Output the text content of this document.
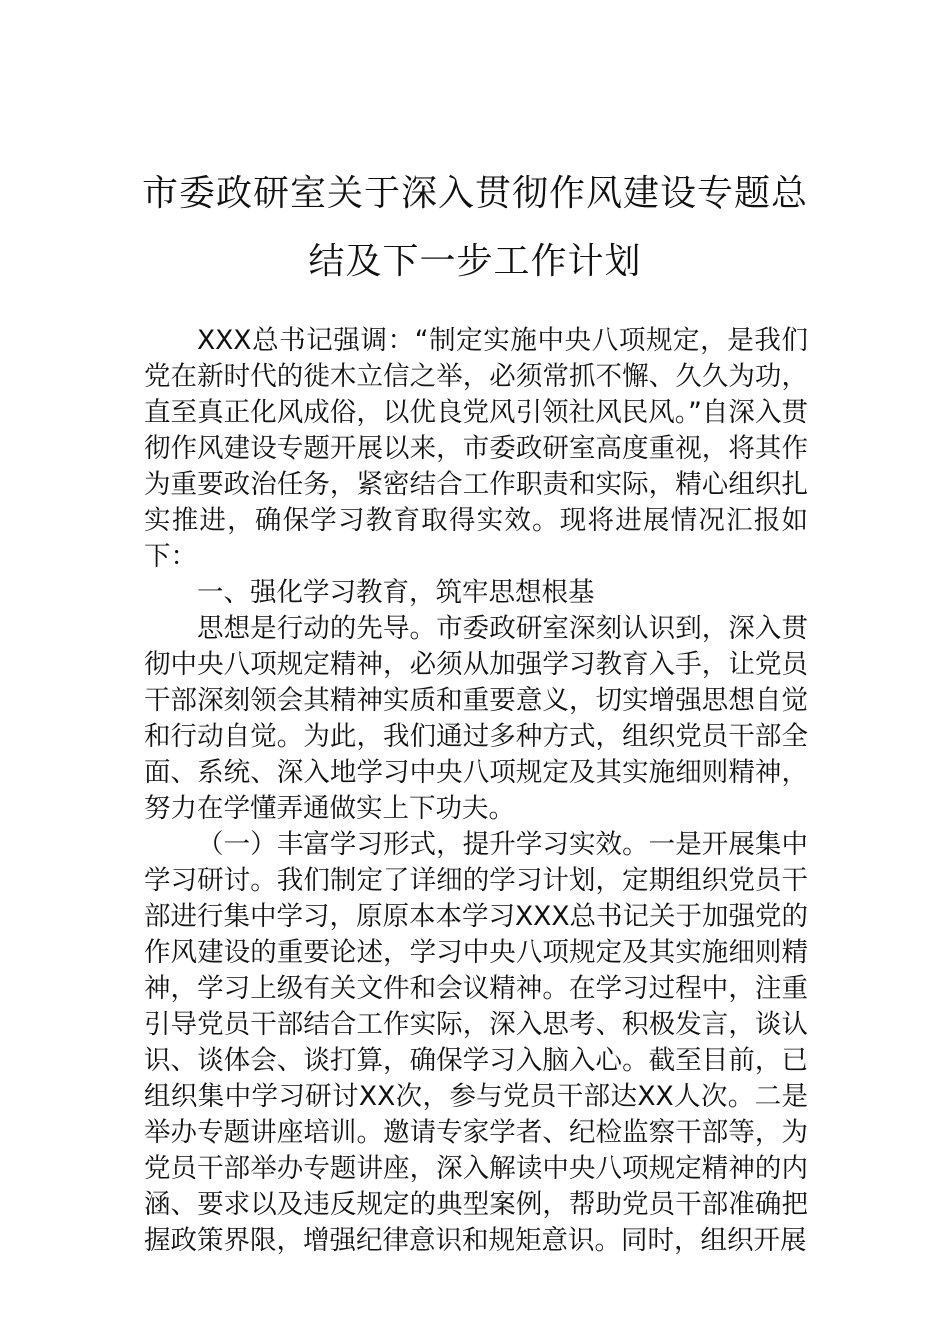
市委政研室关于深入贯彻作风建设专题总结及下一步工作计划

XXX总书记强调：“制定实施中央八项规定，是我们党在新时代的徙木立信之举，必须常抓不懈、久久为功，直至真正化风成俗，以优良党风引领社风民风。”自深入贯彻作风建设专题开展以来，市委政研室高度重视，将其作为重要政治任务，紧密结合工作职责和实际，精心组织扎实推进，确保学习教育取得实效。现将进展情况汇报如下：

一、强化学习教育，筑牢思想根基

思想是行动的先导。市委政研室深刻认识到，深入贯彻中央八项规定精神，必须从加强学习教育入手，让党员干部深刻领会其精神实质和重要意义，切实增强思想自觉和行动自觉。为此，我们通过多种方式，组织党员干部全面、系统、深入地学习中央八项规定及其实施细则精神，努力在学懂弄通做实上下功夫。

（一）丰富学习形式，提升学习实效。一是开展集中学习研讨。我们制定了详细的学习计划，定期组织党员干部进行集中学习，原原本本学习XXX总书记关于加强党的作风建设的重要论述，学习中央八项规定及其实施细则精神，学习上级有关文件和会议精神。在学习过程中，注重引导党员干部结合工作实际，深入思考、积极发言，谈认识、谈体会、谈打算，确保学习入脑入心。截至目前，已组织集中学习研讨XX次，参与党员干部达XX人次。二是举办专题讲座培训。邀请专家学者、纪检监察干部等，为党员干部举办专题讲座，深入解读中央八项规定精神的内涵、要求以及违反规定的典型案例，帮助党员干部准确把握政策界限，增强纪律意识和规矩意识。同时，组织开展
